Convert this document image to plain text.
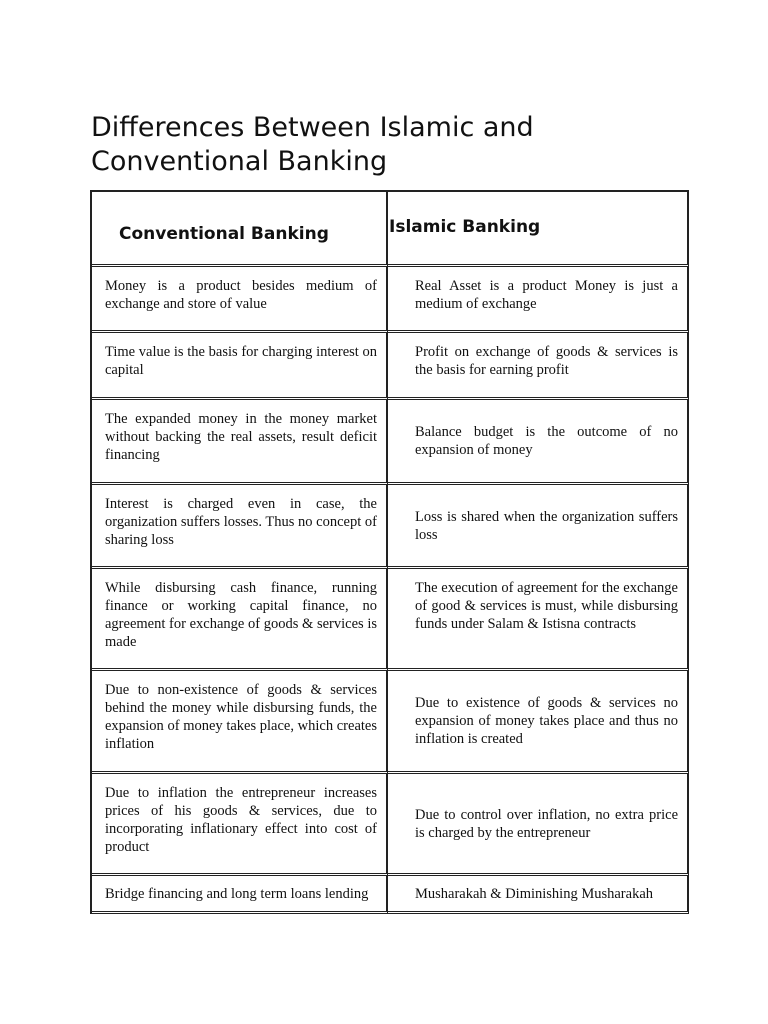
Differences Between Islamic and Conventional Banking
Conventional Banking	Islamic Banking
Money is a product besides medium of exchange and store of value	Real Asset is a product Money is just a medium of exchange
Time value is the basis for charging interest on capital	Profit on exchange of goods & services is the basis for earning profit
The expanded money in the money market without backing the real assets, result deficit financing	Balance budget is the outcome of no expansion of money
Interest is charged even in case, the organization suffers losses. Thus no concept of sharing loss	Loss is shared when the organization suffers loss
While disbursing cash finance, running finance or working capital finance, no agreement for exchange of goods & services is made	The execution of agreement for the exchange of good & services is must, while disbursing funds under Salam & Istisna contracts
Due to non-existence of goods & services behind the money while disbursing funds, the expansion of money takes place, which creates inflation	Due to existence of goods & services no expansion of money takes place and thus no inflation is created
Due to inflation the entrepreneur increases prices of his goods & services, due to incorporating inflationary effect into cost of product	Due to control over inflation, no extra price is charged by the entrepreneur
Bridge financing and long term loans lending	Musharakah & Diminishing Musharakah
